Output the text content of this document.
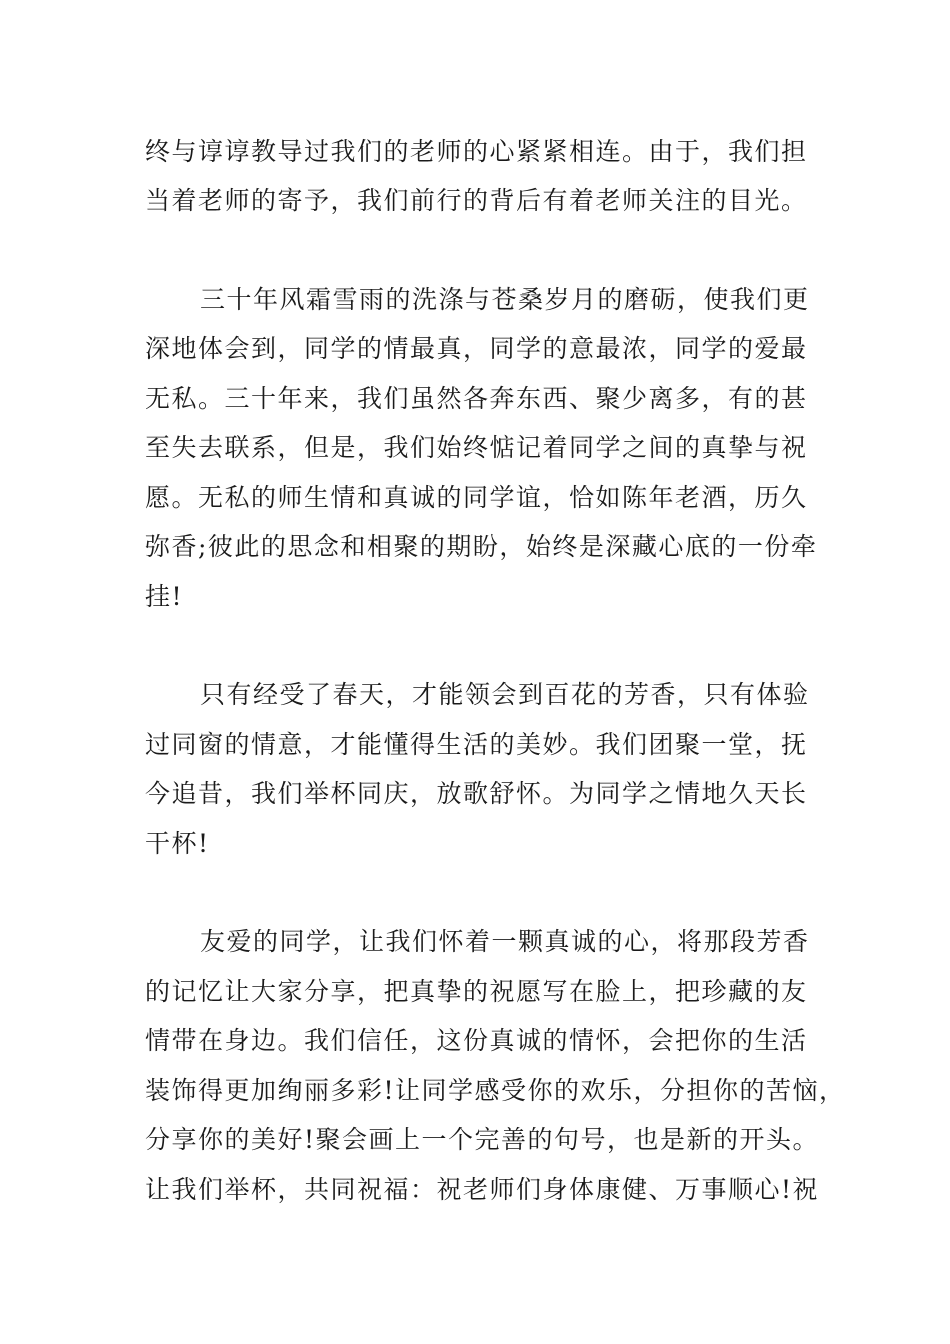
终与谆谆教导过我们的老师的心紧紧相连。由于，我们担
当着老师的寄予，我们前行的背后有着老师关注的目光。
三十年风霜雪雨的洗涤与苍桑岁月的磨砺，使我们更
深地体会到，同学的情最真，同学的意最浓，同学的爱最
无私。三十年来，我们虽然各奔东西、聚少离多，有的甚
至失去联系，但是，我们始终惦记着同学之间的真挚与祝
愿。无私的师生情和真诚的同学谊，恰如陈年老酒，历久
弥香;彼此的思念和相聚的期盼，始终是深藏心底的一份牵
挂!
只有经受了春天，才能领会到百花的芳香，只有体验
过同窗的情意，才能懂得生活的美妙。我们团聚一堂，抚
今追昔，我们举杯同庆，放歌舒怀。为同学之情地久天长
干杯!
友爱的同学，让我们怀着一颗真诚的心，将那段芳香
的记忆让大家分享，把真挚的祝愿写在脸上，把珍藏的友
情带在身边。我们信任，这份真诚的情怀，会把你的生活
装饰得更加绚丽多彩!让同学感受你的欢乐，分担你的苦恼，
分享你的美好!聚会画上一个完善的句号，也是新的开头。
让我们举杯，共同祝福：祝老师们身体康健、万事顺心!祝
